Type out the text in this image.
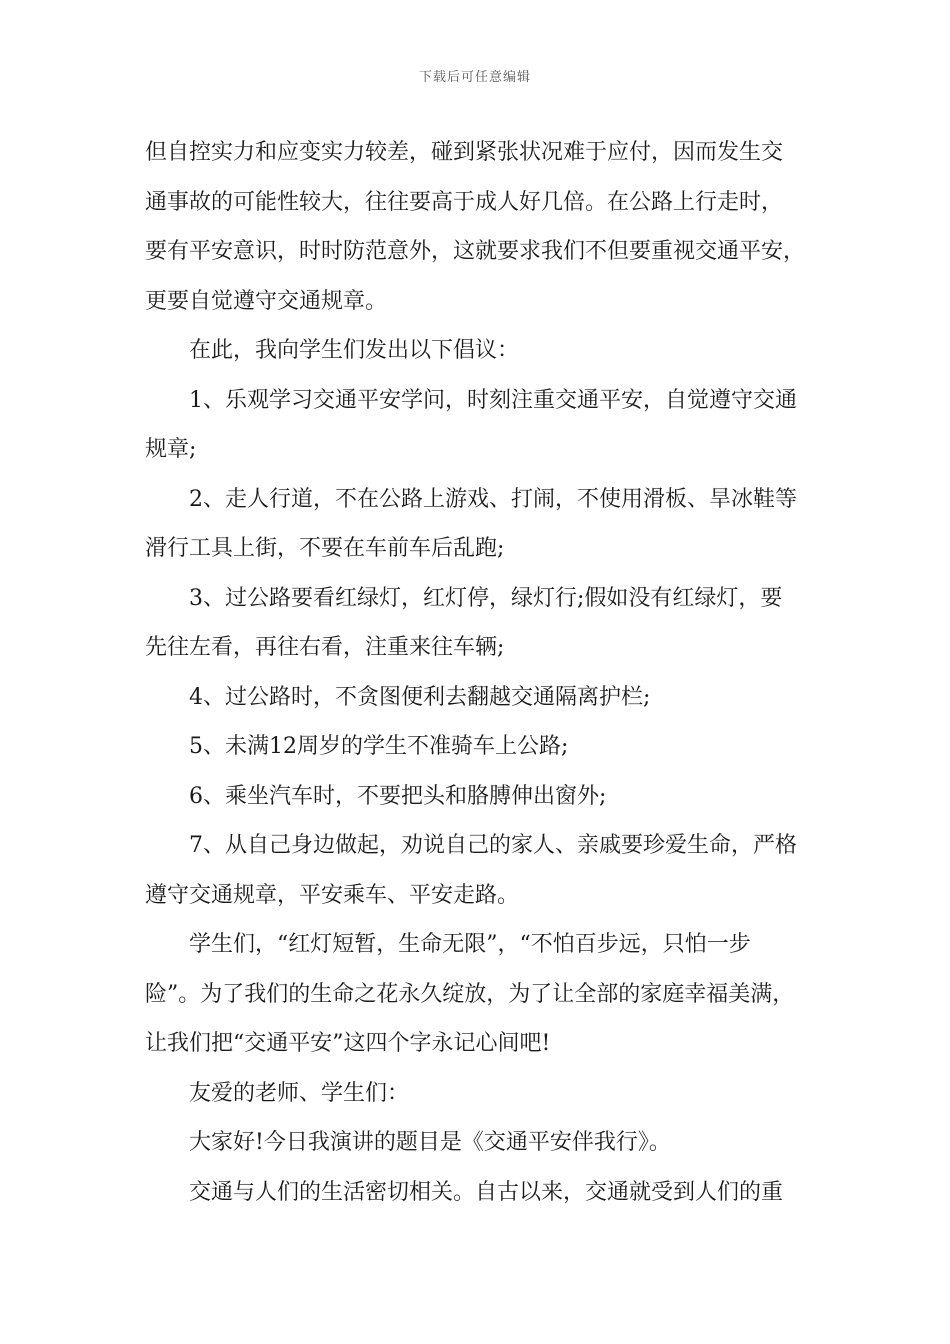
下载后可任意编辑
但自控实力和应变实力较差，碰到紧张状况难于应付，因而发生交
通事故的可能性较大，往往要高于成人好几倍。在公路上行走时，
要有平安意识，时时防范意外，这就要求我们不但要重视交通平安，
更要自觉遵守交通规章。
在此，我向学生们发出以下倡议：
1、乐观学习交通平安学问，时刻注重交通平安，自觉遵守交通
规章;
2、走人行道，不在公路上游戏、打闹，不使用滑板、旱冰鞋等
滑行工具上街，不要在车前车后乱跑;
3、过公路要看红绿灯，红灯停，绿灯行;假如没有红绿灯，要
先往左看，再往右看，注重来往车辆;
4、过公路时，不贪图便利去翻越交通隔离护栏;
5、未满12周岁的学生不准骑车上公路;
6、乘坐汽车时，不要把头和胳膊伸出窗外;
7、从自己身边做起，劝说自己的家人、亲戚要珍爱生命，严格
遵守交通规章，平安乘车、平安走路。
学生们，“红灯短暂，生命无限”，“不怕百步远，只怕一步
险”。为了我们的生命之花永久绽放，为了让全部的家庭幸福美满，
让我们把“交通平安”这四个字永记心间吧!
友爱的老师、学生们：
大家好!今日我演讲的题目是《交通平安伴我行》。
交通与人们的生活密切相关。自古以来，交通就受到人们的重
